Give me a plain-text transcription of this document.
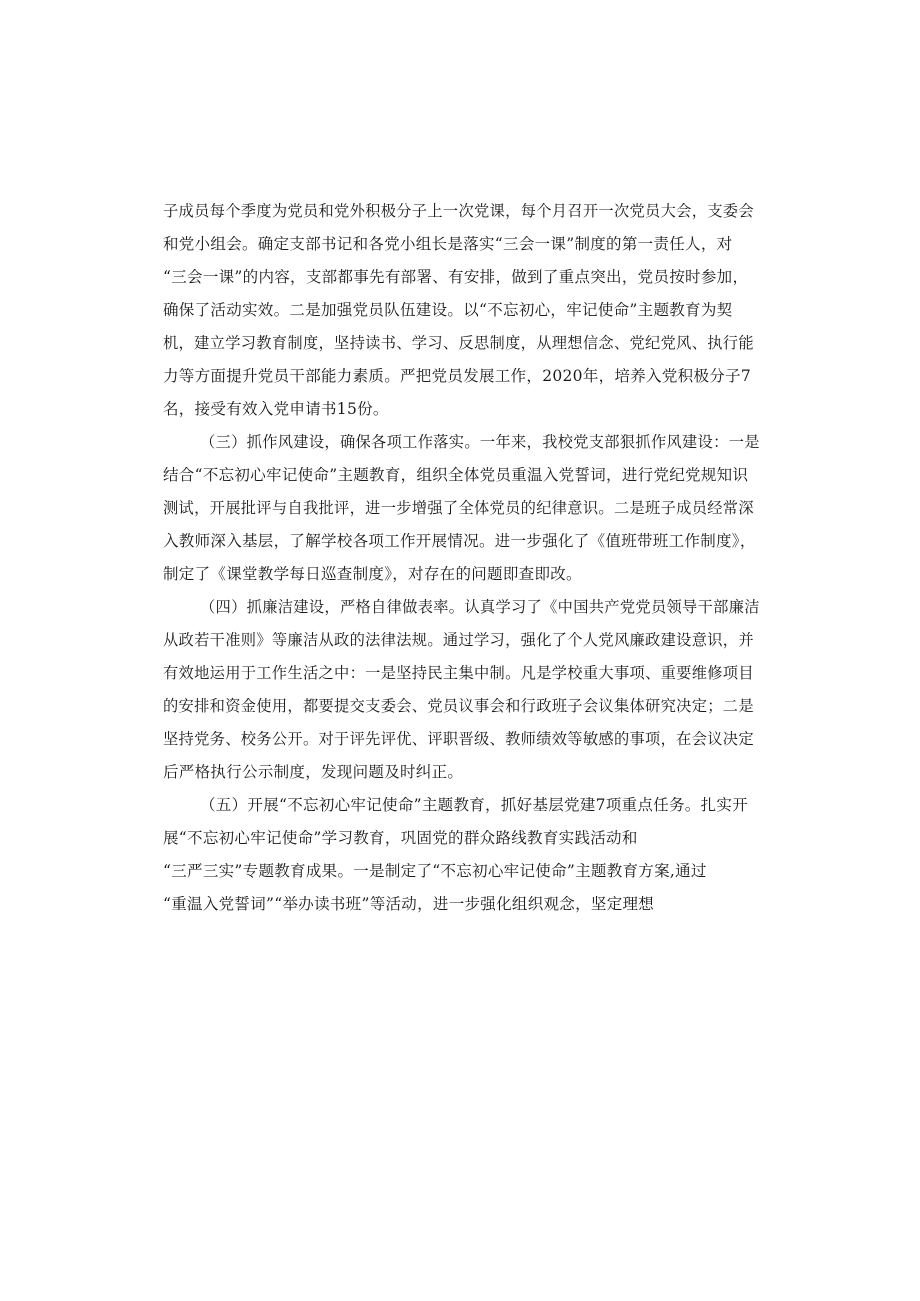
子成员每个季度为党员和党外积极分子上一次党课，每个月召开一次党员大会，支委会
和党小组会。确定支部书记和各党小组长是落实“三会一课”制度的第一责任人，对
“三会一课”的内容，支部都事先有部署、有安排，做到了重点突出，党员按时参加，
确保了活动实效。二是加强党员队伍建设。以“不忘初心，牢记使命”主题教育为契
机，建立学习教育制度，坚持读书、学习、反思制度，从理想信念、党纪党风、执行能
力等方面提升党员干部能力素质。严把党员发展工作，2020年，培养入党积极分子7
名，接受有效入党申请书15份。
（三）抓作风建设，确保各项工作落实。一年来，我校党支部狠抓作风建设：一是
结合“不忘初心牢记使命”主题教育，组织全体党员重温入党誓词，进行党纪党规知识
测试，开展批评与自我批评，进一步增强了全体党员的纪律意识。二是班子成员经常深
入教师深入基层，了解学校各项工作开展情况。进一步强化了《值班带班工作制度》，
制定了《课堂教学每日巡查制度》，对存在的问题即查即改。
（四）抓廉洁建设，严格自律做表率。认真学习了《中国共产党党员领导干部廉洁
从政若干准则》等廉洁从政的法律法规。通过学习，强化了个人党风廉政建设意识，并
有效地运用于工作生活之中：一是坚持民主集中制。凡是学校重大事项、重要维修项目
的安排和资金使用，都要提交支委会、党员议事会和行政班子会议集体研究决定；二是
坚持党务、校务公开。对于评先评优、评职晋级、教师绩效等敏感的事项，在会议决定
后严格执行公示制度，发现问题及时纠正。
（五）开展“不忘初心牢记使命”主题教育，抓好基层党建7项重点任务。扎实开
展“不忘初心牢记使命”学习教育，巩固党的群众路线教育实践活动和
“三严三实”专题教育成果。一是制定了“不忘初心牢记使命”主题教育方案,通过
“重温入党誓词”“举办读书班”等活动，进一步强化组织观念，坚定理想
